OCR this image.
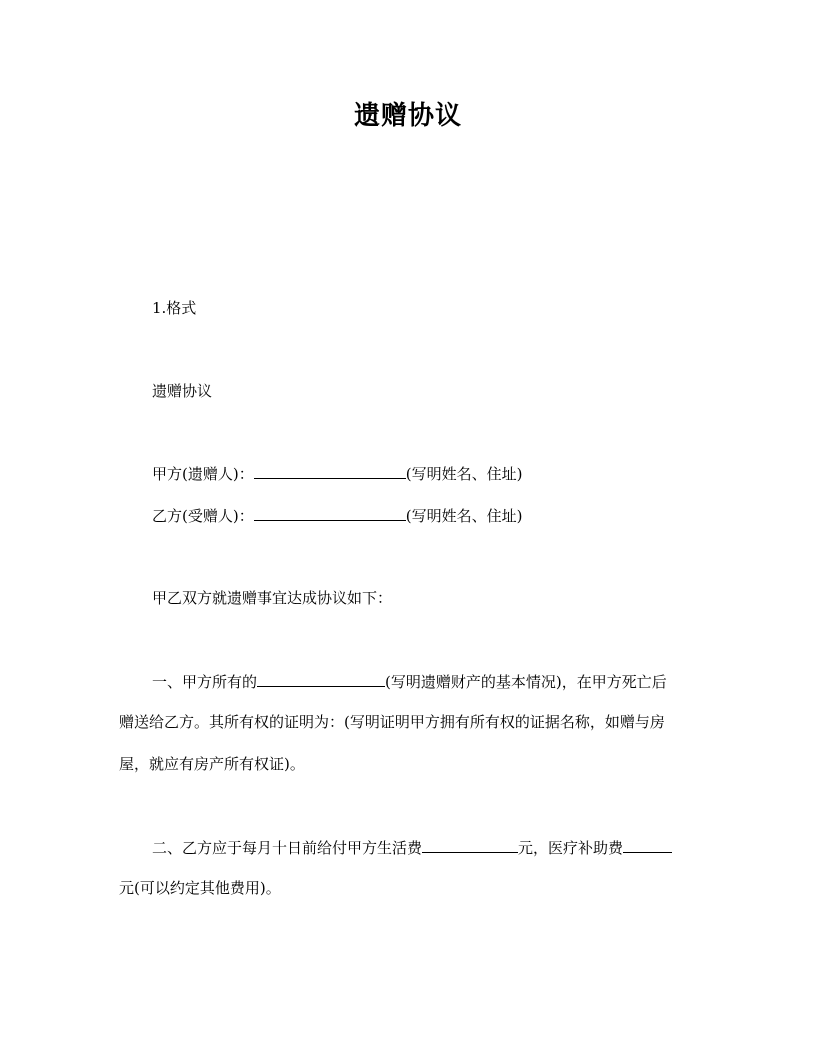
遗赠协议
1.格式
遗赠协议
甲方(遗赠人)：	(写明姓名、住址)
乙方(受赠人)：	(写明姓名、住址)
甲乙双方就遗赠事宜达成协议如下：
一、甲方所有的	(写明遗赠财产的基本情况)，在甲方死亡后
赠送给乙方。其所有权的证明为：(写明证明甲方拥有所有权的证据名称，如赠与房
屋，就应有房产所有权证)。
二、乙方应于每月十日前给付甲方生活费	元，医疗补助费
元(可以约定其他费用)。
